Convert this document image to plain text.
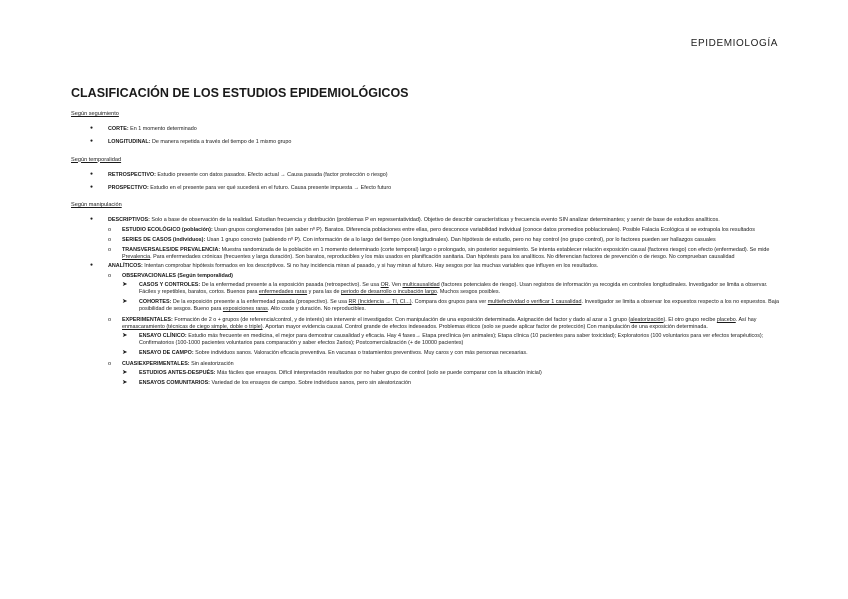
EPIDEMIOLOGÍA
CLASIFICACIÓN DE LOS ESTUDIOS EPIDEMIOLÓGICOS
Según seguimiento
● CORTE: En 1 momento determinado
● LONGITUDINAL: De manera repetida a través del tiempo de 1 mismo grupo
Según temporalidad
● RETROSPECTIVO: Estudio presente con datos pasados. Efecto actual → Causa pasada (factor protección o riesgo)
● PROSPECTIVO: Estudio en el presente para ver qué sucederá en el futuro. Causa presente impuesta → Efecto futuro
Según manipulación
● DESCRIPTIVOS: Solo a base de observación de la realidad. Estudian frecuencia y distribución (problemas P en representatividad). Objetivo de describir características y frecuencia evento SIN analizar determinantes; y servir de base de estudios analíticos.
o ESTUDIO ECOLÓGICO (población): Usan grupos conglomerados (sin saber nº P). Baratos. Diferencia poblaciones entre ellas, pero desconoce variabilidad individual (conoce datos promedios poblacionales). Posible Falacia Ecológica si se extrapola los resultados
o SERIES DE CASOS (individuos): Usan 1 grupo concreto (sabiendo nº P). Con información de a lo largo del tiempo (son longitudinales). Dan hipótesis de estudio, pero no hay control (no grupo control), por lo factores pueden ser hallazgos casuales
o TRANSVERSALES/DE PREVALENCIA: Muestra randomizada de la población en 1 momento determinado (corte temporal) largo o prolongado, sin posterior seguimiento. Se intenta establecer relación exposición causal (factores riesgo) con efecto (enfermedad). Se mide Prevalencia. Para enfermedades crónicas (frecuentes y larga duración). Son baratos, reproducibles y los más usados en planificación sanitaria. Dan hipótesis para los analíticos. No diferencian factores de prevención o de riesgo. No comprueban causalidad
● ANALÍTICOS: Intentan comprobar hipótesis formados en los descriptivos. Si no hay incidencia miran al pasado, y si hay miran al futuro. Hay sesgos por las muchas variables que influyen en los resultados.
o OBSERVACIONALES (Según temporalidad)
➤ CASOS Y CONTROLES: De la enfermedad presente a la exposición pasada (retrospectivo). Se usa OR. Ven multicausalidad (factores potenciales de riesgo). Usan registros de información ya recogida en controles longitudinales. Investigador se limita a observar. Fáciles y repetibles, baratos, cortos. Buenos para enfermedades raras y para las de periodo de desarrollo o incubación largo. Muchos sesgos posibles.
➤ COHORTES: De la exposición presente a la enfermedad pasada (prospectivo). Se usa RR (Incidencia → TI, CI...). Compara dos grupos para ver multiefectividad o verificar 1 causalidad. Investigador se limita a observar los expuestos respecto a los no expuestos. Baja posibilidad de sesgos. Bueno para exposiciones raras. Alto coste y duración. No reproducibles.
o EXPERIMENTALES: Formación de 2 o + grupos (de referencia/control, y de interés) sin intervenir el investigador. Con manipulación de una exposición determinada. Asignación del factor y dado al azar a 1 grupo (aleatorización). El otro grupo recibe placebo. Así hay enmascaramiento (técnicas de ciego simple, doble o triple). Aportan mayor evidencia causal. Control grande de efectos indeseados. Problemas éticos (solo se puede aplicar factor de protección) Con manipulación de una exposición determinada.
➤ ENSAYO CLÍNICO: Estudio más frecuente en medicina, el mejor para demostrar causalidad y eficacia. Hay 4 fases→ Etapa preclínica (en animales); Etapa clínica (10 pacientes para saber toxicidad); Exploratorios (100 voluntarios para ver efectos terapéuticos); Confirmatorios (100-1000 pacientes voluntarios para comparación y saber efectos 2arios); Postcomercialización (+ de 10000 pacientes)
➤ ENSAYO DE CAMPO: Sobre individuos sanos. Valoración eficacia preventiva. En vacunas o tratamientos preventivos. Muy caros y con más personas necesarias.
o CUASIEXPERIMENTALES: Sin aleatorización
➤ ESTUDIOS ANTES-DESPUÉS: Más fáciles que ensayos. Difícil interpretación resultados por no haber grupo de control (solo se puede comparar con la situación inicial)
➤ ENSAYOS COMUNITARIOS: Variedad de los ensayos de campo. Sobre individuos sanos, pero sin aleatorización
